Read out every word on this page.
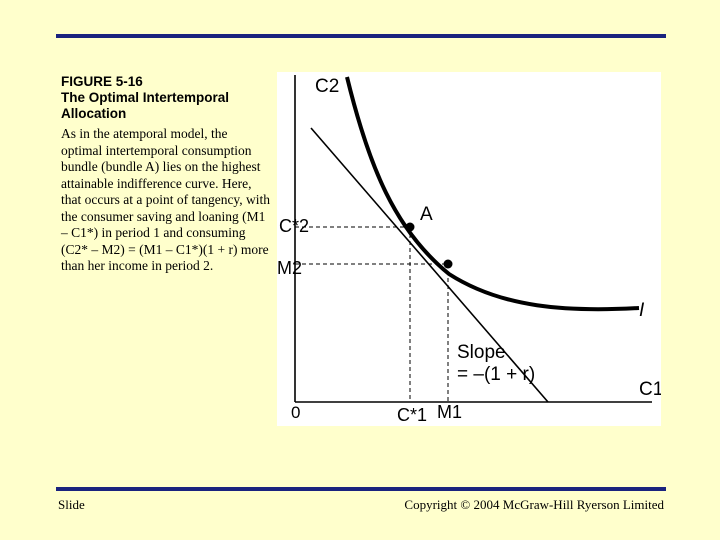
FIGURE 5-16

The Optimal Intertemporal Allocation

As in the atemporal model, the optimal intertemporal consumption bundle (bundle A) lies on the highest attainable indifference curve. Here, that occurs at a point of tangency, with the consumer saving and loaning (M1 – C1*) in period 1 and consuming (C2* – M2) = (M1 – C1*)(1 + r) more than her income in period 2.
C2
C1
0
A
I
C*2
M2
C*1 M1
Slope
= –(1 + r)
Slide	Copyright © 2004 McGraw-Hill Ryerson Limited
